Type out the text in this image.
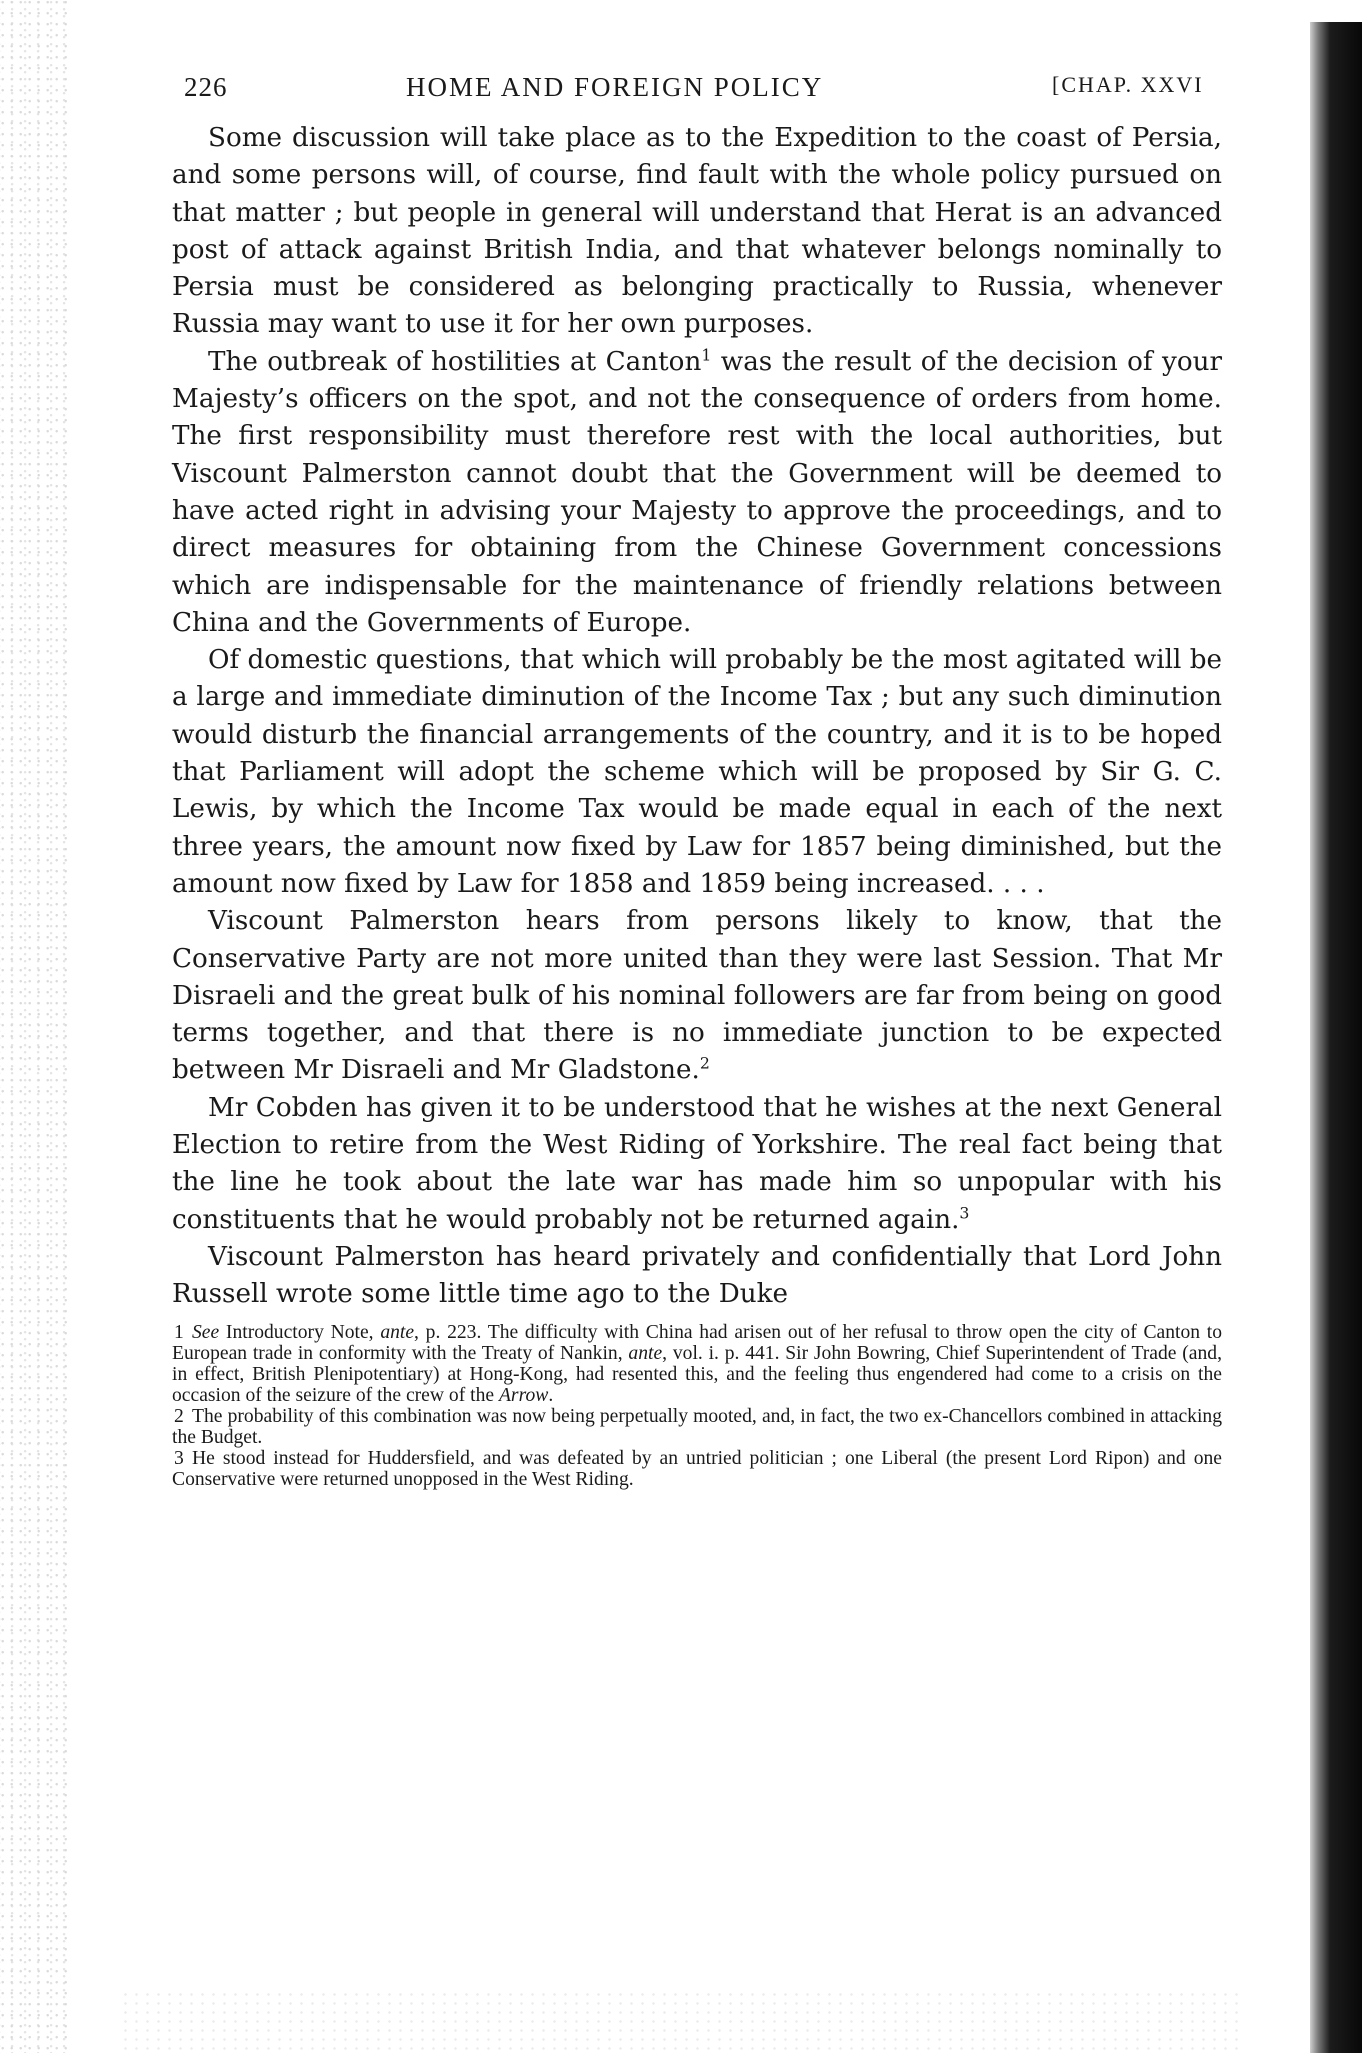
226	HOME AND FOREIGN POLICY	[CHAP. XXVI

Some discussion will take place as to the Expedition to the coast of Persia, and some persons will, of course, find fault with the whole policy pursued on that matter ; but people in general will understand that Herat is an advanced post of attack against British India, and that whatever belongs nominally to Persia must be considered as belonging practically to Russia, whenever Russia may want to use it for her own purposes.

The outbreak of hostilities at Canton$^1$ was the result of the decision of your Majesty’s officers on the spot, and not the consequence of orders from home. The first responsibility must therefore rest with the local authorities, but Viscount Palmerston cannot doubt that the Government will be deemed to have acted right in advising your Majesty to approve the proceedings, and to direct measures for obtaining from the Chinese Government concessions which are indispensable for the maintenance of friendly relations between China and the Governments of Europe.

Of domestic questions, that which will probably be the most agitated will be a large and immediate diminution of the Income Tax ; but any such diminution would disturb the financial arrangements of the country, and it is to be hoped that Parliament will adopt the scheme which will be proposed by Sir G. C. Lewis, by which the Income Tax would be made equal in each of the next three years, the amount now fixed by Law for 1857 being diminished, but the amount now fixed by Law for 1858 and 1859 being increased. . . .

Viscount Palmerston hears from persons likely to know, that the Conservative Party are not more united than they were last Session. That Mr Disraeli and the great bulk of his nominal followers are far from being on good terms together, and that there is no immediate junction to be expected between Mr Disraeli and Mr Gladstone.$^2$

Mr Cobden has given it to be understood that he wishes at the next General Election to retire from the West Riding of Yorkshire. The real fact being that the line he took about the late war has made him so unpopular with his constituents that he would probably not be returned again.$^3$

Viscount Palmerston has heard privately and confidentially that Lord John Russell wrote some little time ago to the Duke

1 See Introductory Note, ante, p. 223. The difficulty with China had arisen out of her refusal to throw open the city of Canton to European trade in conformity with the Treaty of Nankin, ante, vol. i. p. 441. Sir John Bowring, Chief Superintendent of Trade (and, in effect, British Plenipotentiary) at Hong-Kong, had resented this, and the feeling thus engendered had come to a crisis on the occasion of the seizure of the crew of the Arrow.

2 The probability of this combination was now being perpetually mooted, and, in fact, the two ex-Chancellors combined in attacking the Budget.

3 He stood instead for Huddersfield, and was defeated by an untried politician ; one Liberal (the present Lord Ripon) and one Conservative were returned unopposed in the West Riding.
